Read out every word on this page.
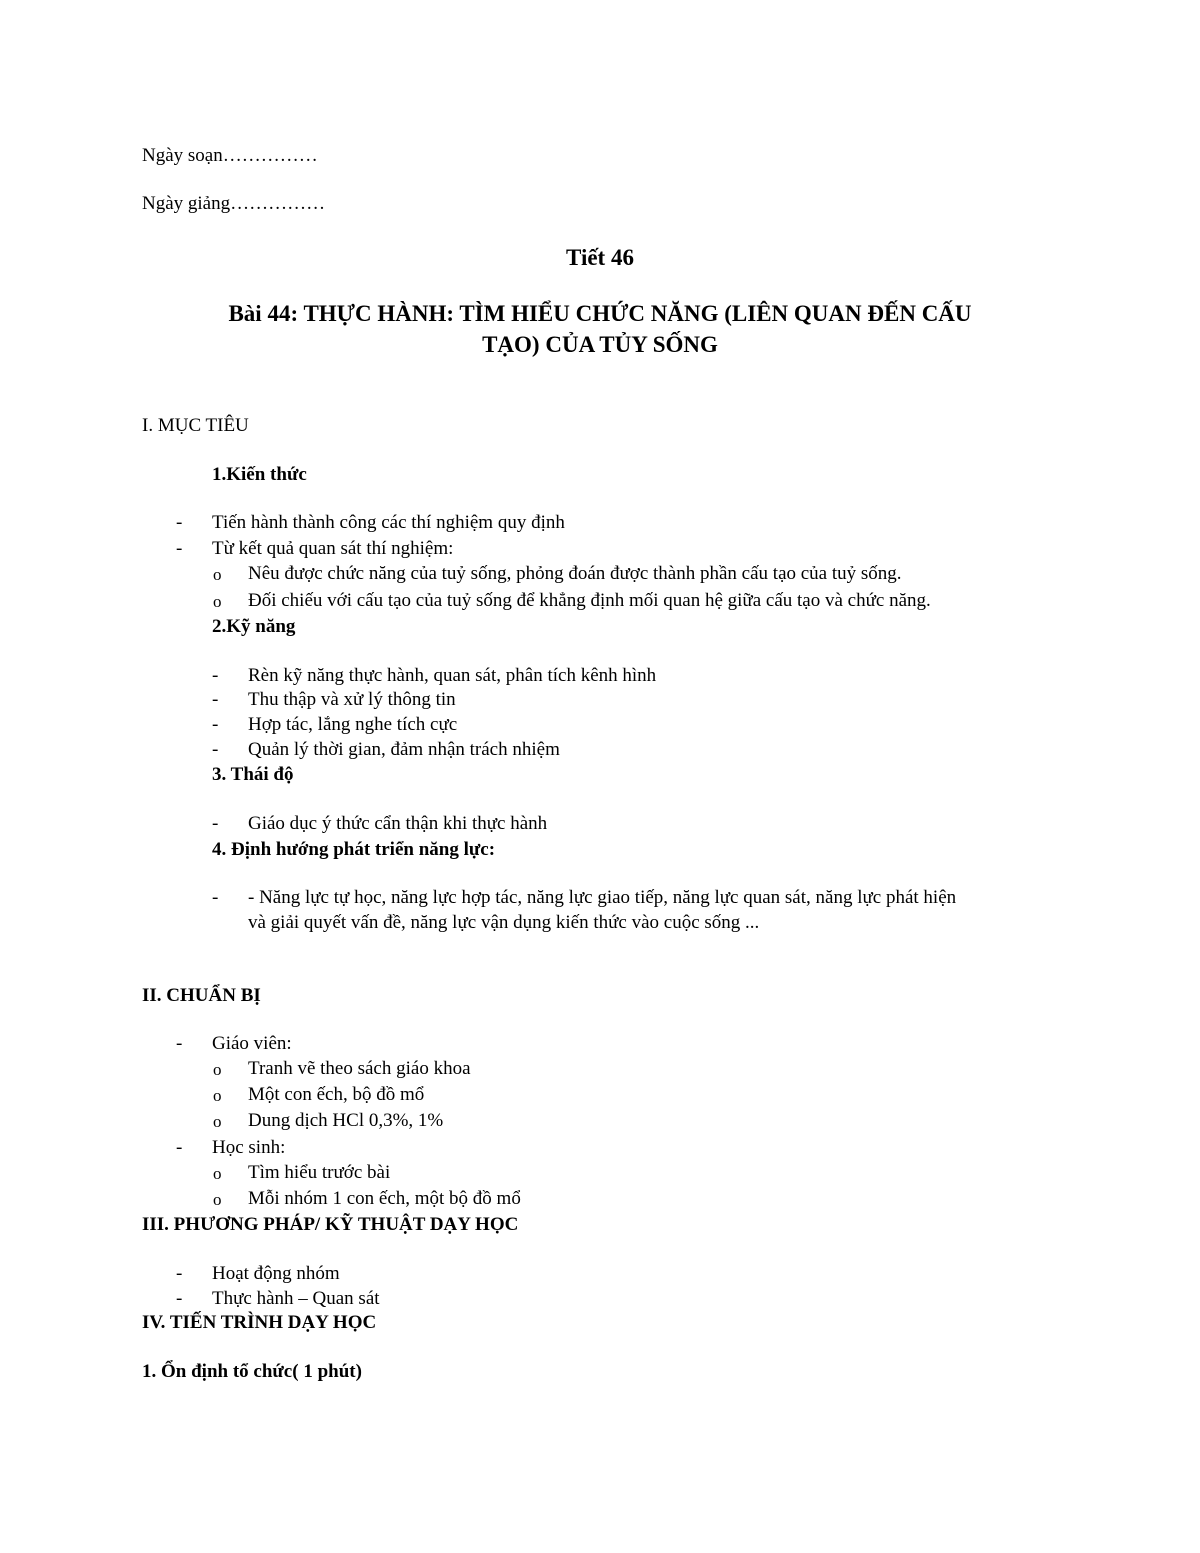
Ngày soạn……………
Ngày giảng……………
Tiết 46
Bài 44: THỰC HÀNH: TÌM HIỂU CHỨC NĂNG (LIÊN QUAN ĐẾN CẤU
TẠO) CỦA TỦY SỐNG
I. MỤC TIÊU
1.Kiến thức
-	Tiến hành thành công các thí nghiệm quy định
-	Từ kết quả quan sát thí nghiệm:
o	Nêu được chức năng của tuỷ sống, phỏng đoán được thành phần cấu tạo của tuỷ sống.
o	Đối chiếu với cấu tạo của tuỷ sống để khẳng định mối quan hệ giữa cấu tạo và chức năng.
2.Kỹ năng
-	Rèn kỹ năng thực hành, quan sát, phân tích kênh hình
-	Thu thập và xử lý thông tin
-	Hợp tác, lắng nghe tích cực
-	Quản lý thời gian, đảm nhận trách nhiệm
3. Thái độ
-	Giáo dục ý thức cẩn thận khi thực hành
4. Định hướng phát triển năng lực:
-	- Năng lực tự học, năng lực hợp tác, năng lực giao tiếp, năng lực quan sát, năng lực phát hiện
và giải quyết vấn đề, năng lực vận dụng kiến thức vào cuộc sống ...
II. CHUẨN BỊ
-	Giáo viên:
o	Tranh vẽ theo sách giáo khoa
o	Một con ếch, bộ đồ mổ
o	Dung dịch HCl 0,3%, 1%
-	Học sinh:
o	Tìm hiểu trước bài
o	Mỗi nhóm 1 con ếch, một bộ đồ mổ
III. PHƯƠNG PHÁP/ KỸ THUẬT DẠY HỌC
-	Hoạt động nhóm
-	Thực hành – Quan sát
IV. TIẾN TRÌNH DẠY HỌC
1. Ổn định tổ chức( 1 phút)
